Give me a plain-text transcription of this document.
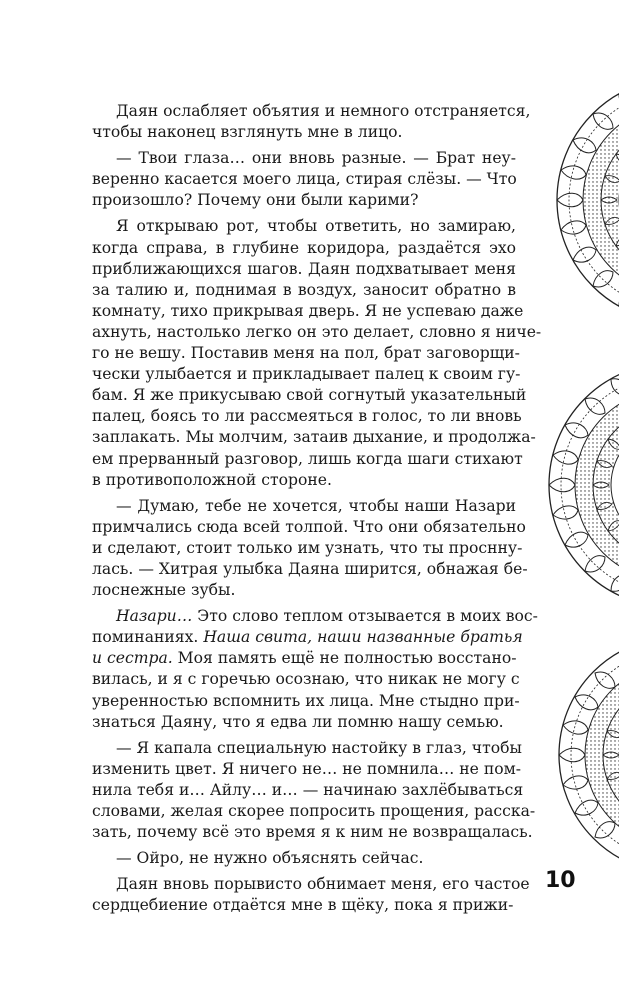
Даян ослабляет объятия и немного отстраняется,
чтобы наконец взглянуть мне в лицо.
— Твои глаза… они вновь разные. — Брат неу-
веренно касается моего лица, стирая слёзы. — Что
произошло? Почему они были карими?
Я открываю рот, чтобы ответить, но замираю,
когда справа, в глубине коридора, раздаётся эхо
приближающихся шагов. Даян подхватывает меня
за талию и, поднимая в воздух, заносит обратно в
комнату, тихо прикрывая дверь. Я не успеваю даже
ахнуть, настолько легко он это делает, словно я ниче-
го не вешу. Поставив меня на пол, брат заговорщи-
чески улыбается и прикладывает палец к своим гу-
бам. Я же прикусываю свой согнутый указательный
палец, боясь то ли рассмеяться в голос, то ли вновь
заплакать. Мы молчим, затаив дыхание, и продолжа-
ем прерванный разговор, лишь когда шаги стихают
в противоположной стороне.
— Думаю, тебе не хочется, чтобы наши Назари
примчались сюда всей толпой. Что они обязательно
и сделают, стоит только им узнать, что ты проснну-
лась. — Хитрая улыбка Даяна ширится, обнажая бе-
лоснежные зубы.
Назари… Это слово теплом отзывается в моих вос-
поминаниях. Наша свита, наши названные братья
и сестра. Моя память ещё не полностью восстано-
вилась, и я с горечью осознаю, что никак не могу с
уверенностью вспомнить их лица. Мне стыдно при-
знаться Даяну, что я едва ли помню нашу семью.
— Я капала специальную настойку в глаз, чтобы
изменить цвет. Я ничего не… не помнила… не пом-
нила тебя и… Айлу… и… — начинаю захлёбываться
словами, желая скорее попросить прощения, расска-
зать, почему всё это время я к ним не возвращалась.
— Ойро, не нужно объяснять сейчас.
Даян вновь порывисто обнимает меня, его частое
сердцебиение отдаётся мне в щёку, пока я прижи-
10
